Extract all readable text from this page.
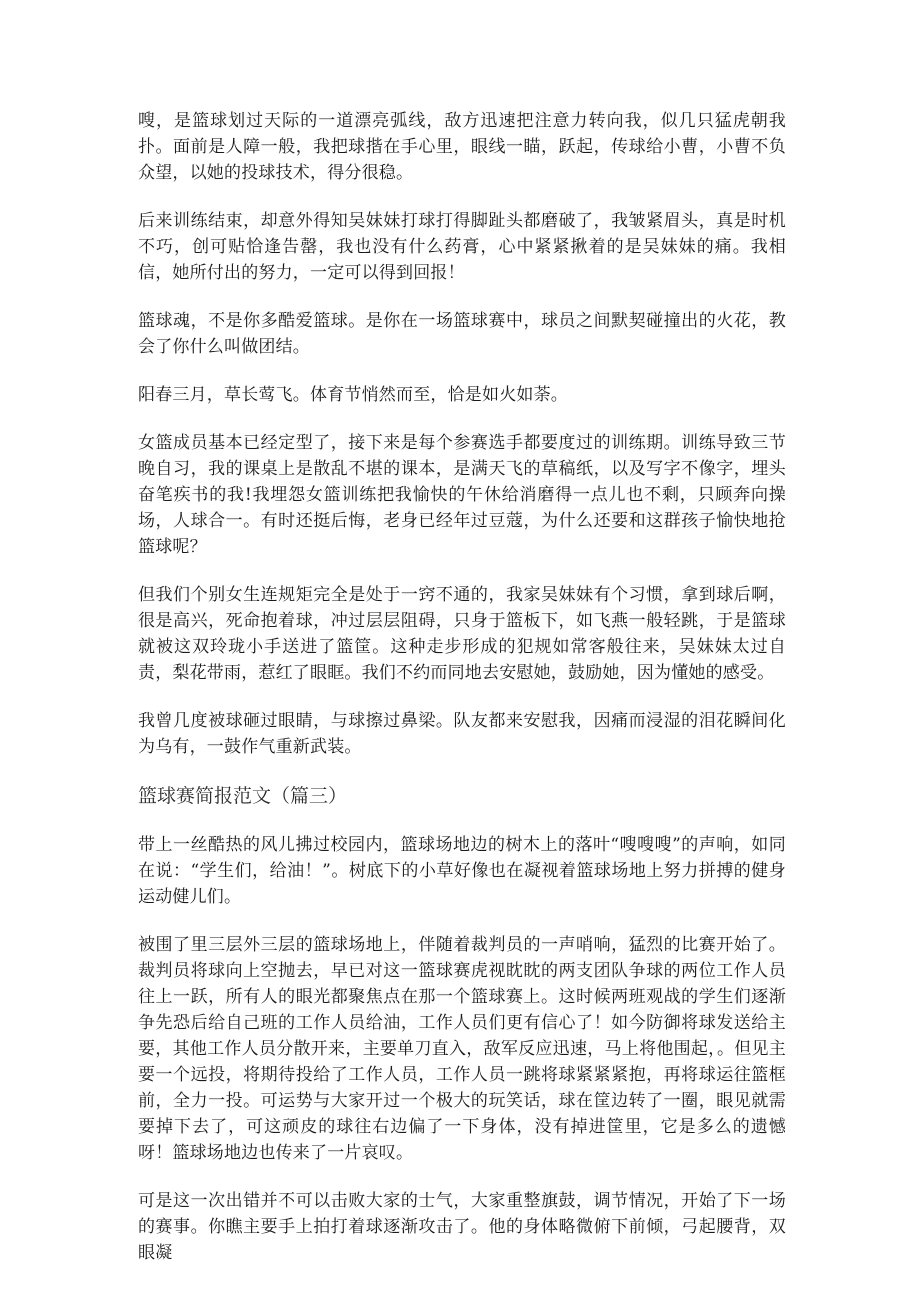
嗖，是篮球划过天际的一道漂亮弧线，敌方迅速把注意力转向我，似几只猛虎朝我扑。面前是人障一般，我把球揩在手心里，眼线一瞄，跃起，传球给小曹，小曹不负众望，以她的投球技术，得分很稳。

后来训练结束，却意外得知吴妹妹打球打得脚趾头都磨破了，我皱紧眉头，真是时机不巧，创可贴恰逢告罄，我也没有什么药膏，心中紧紧揪着的是吴妹妹的痛。我相信，她所付出的努力，一定可以得到回报！

篮球魂，不是你多酷爱篮球。是你在一场篮球赛中，球员之间默契碰撞出的火花，教会了你什么叫做团结。

阳春三月，草长莺飞。体育节悄然而至，恰是如火如荼。

女篮成员基本已经定型了，接下来是每个参赛选手都要度过的训练期。训练导致三节晚自习，我的课桌上是散乱不堪的课本，是满天飞的草稿纸，以及写字不像字，埋头奋笔疾书的我!我埋怨女篮训练把我愉快的午休给消磨得一点儿也不剩，只顾奔向操场，人球合一。有时还挺后悔，老身已经年过豆蔻，为什么还要和这群孩子愉快地抢篮球呢？

但我们个别女生连规矩完全是处于一窍不通的，我家吴妹妹有个习惯，拿到球后啊，很是高兴，死命抱着球，冲过层层阻碍，只身于篮板下，如飞燕一般轻跳，于是篮球就被这双玲珑小手送进了篮筐。这种走步形成的犯规如常客般往来，吴妹妹太过自责，梨花带雨，惹红了眼眶。我们不约而同地去安慰她，鼓励她，因为懂她的感受。

我曾几度被球砸过眼睛，与球擦过鼻梁。队友都来安慰我，因痛而浸湿的泪花瞬间化为乌有，一鼓作气重新武装。

篮球赛简报范文（篇三）

带上一丝酷热的风儿拂过校园内，篮球场地边的树木上的落叶“嗖嗖嗖”的声响，如同在说：“学生们，给油！”。树底下的小草好像也在凝视着篮球场地上努力拼搏的健身运动健儿们。

被围了里三层外三层的篮球场地上，伴随着裁判员的一声哨响，猛烈的比赛开始了。裁判员将球向上空抛去，早已对这一篮球赛虎视眈眈的两支团队争球的两位工作人员往上一跃，所有人的眼光都聚焦点在那一个篮球赛上。这时候两班观战的学生们逐渐争先恐后给自己班的工作人员给油，工作人员们更有信心了！如今防御将球发送给主要，其他工作人员分散开来，主要单刀直入，敌军反应迅速，马上将他围起，。但见主要一个远投，将期待投给了工作人员，工作人员一跳将球紧紧紧抱，再将球运往篮框前，全力一投。可运势与大家开过一个极大的玩笑话，球在筐边转了一圈，眼见就需要掉下去了，可这顽皮的球往右边偏了一下身体，没有掉进筐里，它是多么的遗憾呀！篮球场地边也传来了一片哀叹。

可是这一次出错并不可以击败大家的士气，大家重整旗鼓，调节情况，开始了下一场的赛事。你瞧主要手上拍打着球逐渐攻击了。他的身体略微俯下前倾，弓起腰背，双眼凝
